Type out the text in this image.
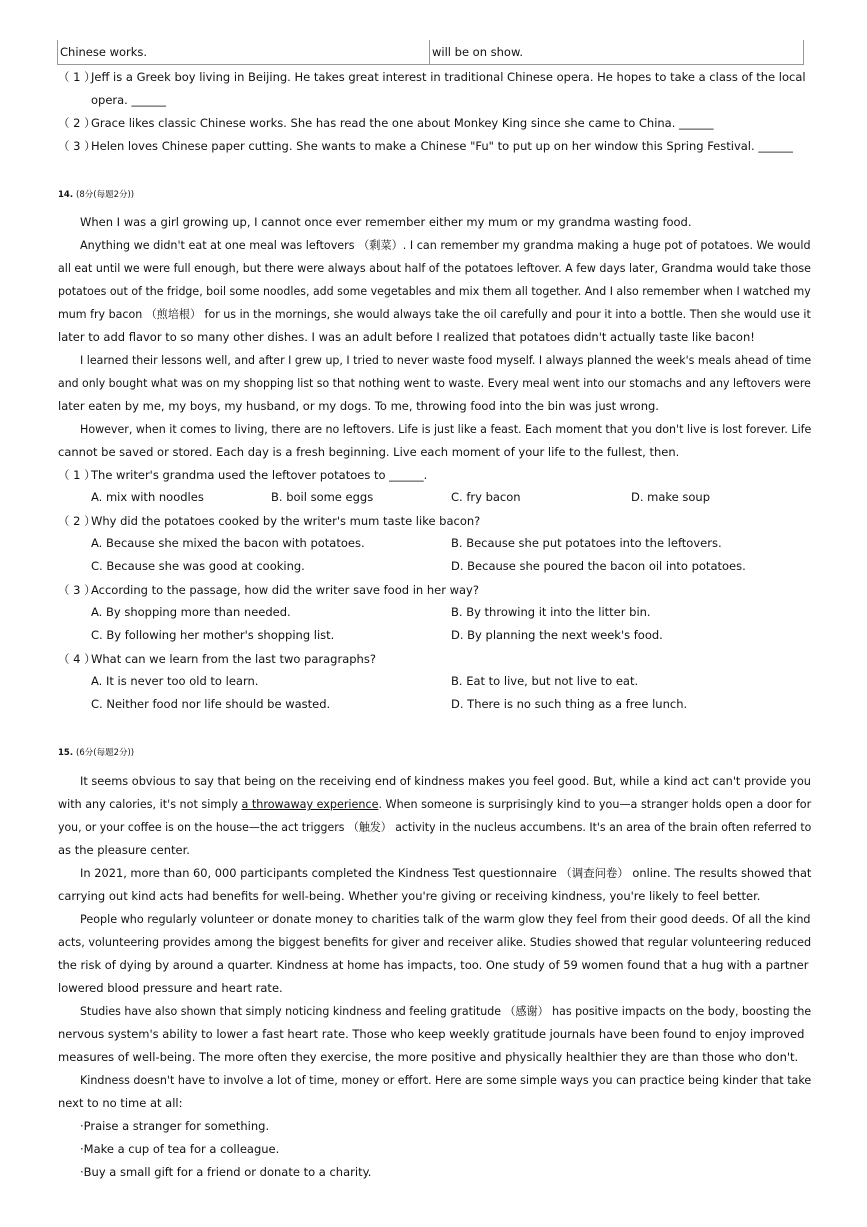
Chinese works.	will be on show.
（ 1 ）
Jeff is a Greek boy living in Beijing. He takes great interest in traditional Chinese opera. He hopes to take a class of the local
opera. ______
（ 2 ）
Grace likes classic Chinese works. She has read the one about Monkey King since she came to China. ______
（ 3 ）
Helen loves Chinese paper cutting. She wants to make a Chinese "Fu" to put up on her window this Spring Festival. ______
14. (8分(每题2分))
When I was a girl growing up, I cannot once ever remember either my mum or my grandma wasting food.
Anything we didn't eat at one meal was leftovers （剩菜）. I can remember my grandma making a huge pot of potatoes. We would
all eat until we were full enough, but there were always about half of the potatoes leftover. A few days later, Grandma would take those
potatoes out of the fridge, boil some noodles, add some vegetables and mix them all together. And I also remember when I watched my
mum fry bacon （煎培根） for us in the mornings, she would always take the oil carefully and pour it into a bottle. Then she would use it
later to add flavor to so many other dishes. I was an adult before I realized that potatoes didn't actually taste like bacon!
I learned their lessons well, and after I grew up, I tried to never waste food myself. I always planned the week's meals ahead of time
and only bought what was on my shopping list so that nothing went to waste. Every meal went into our stomachs and any leftovers were
later eaten by me, my boys, my husband, or my dogs. To me, throwing food into the bin was just wrong.
However, when it comes to living, there are no leftovers. Life is just like a feast. Each moment that you don't live is lost forever. Life
cannot be saved or stored. Each day is a fresh beginning. Live each moment of your life to the fullest, then.
（ 1 ）
The writer's grandma used the leftover potatoes to ______.
A. mix with noodles	B. boil some eggs	C. fry bacon	D. make soup
（ 2 ）
Why did the potatoes cooked by the writer's mum taste like bacon?
A. Because she mixed the bacon with potatoes.	B. Because she put potatoes into the leftovers.
C. Because she was good at cooking.	D. Because she poured the bacon oil into potatoes.
（ 3 ）
According to the passage, how did the writer save food in her way?
A. By shopping more than needed.	B. By throwing it into the litter bin.
C. By following her mother's shopping list.	D. By planning the next week's food.
（ 4 ）
What can we learn from the last two paragraphs?
A. It is never too old to learn.	B. Eat to live, but not live to eat.
C. Neither food nor life should be wasted.	D. There is no such thing as a free lunch.
15. (6分(每题2分))
It seems obvious to say that being on the receiving end of kindness makes you feel good. But, while a kind act can't provide you
with any calories, it's not simply a throwaway experience. When someone is surprisingly kind to you—a stranger holds open a door for
you, or your coffee is on the house—the act triggers （触发） activity in the nucleus accumbens. It's an area of the brain often referred to
as the pleasure center.
In 2021, more than 60, 000 participants completed the Kindness Test questionnaire （调查问卷） online. The results showed that
carrying out kind acts had benefits for well-being. Whether you're giving or receiving kindness, you're likely to feel better.
People who regularly volunteer or donate money to charities talk of the warm glow they feel from their good deeds. Of all the kind
acts, volunteering provides among the biggest benefits for giver and receiver alike. Studies showed that regular volunteering reduced
the risk of dying by around a quarter. Kindness at home has impacts, too. One study of 59 women found that a hug with a partner
lowered blood pressure and heart rate.
Studies have also shown that simply noticing kindness and feeling gratitude （感谢） has positive impacts on the body, boosting the
nervous system's ability to lower a fast heart rate. Those who keep weekly gratitude journals have been found to enjoy improved
measures of well-being. The more often they exercise, the more positive and physically healthier they are than those who don't.
Kindness doesn't have to involve a lot of time, money or effort. Here are some simple ways you can practice being kinder that take
next to no time at all:
·Praise a stranger for something.
·Make a cup of tea for a colleague.
·Buy a small gift for a friend or donate to a charity.
